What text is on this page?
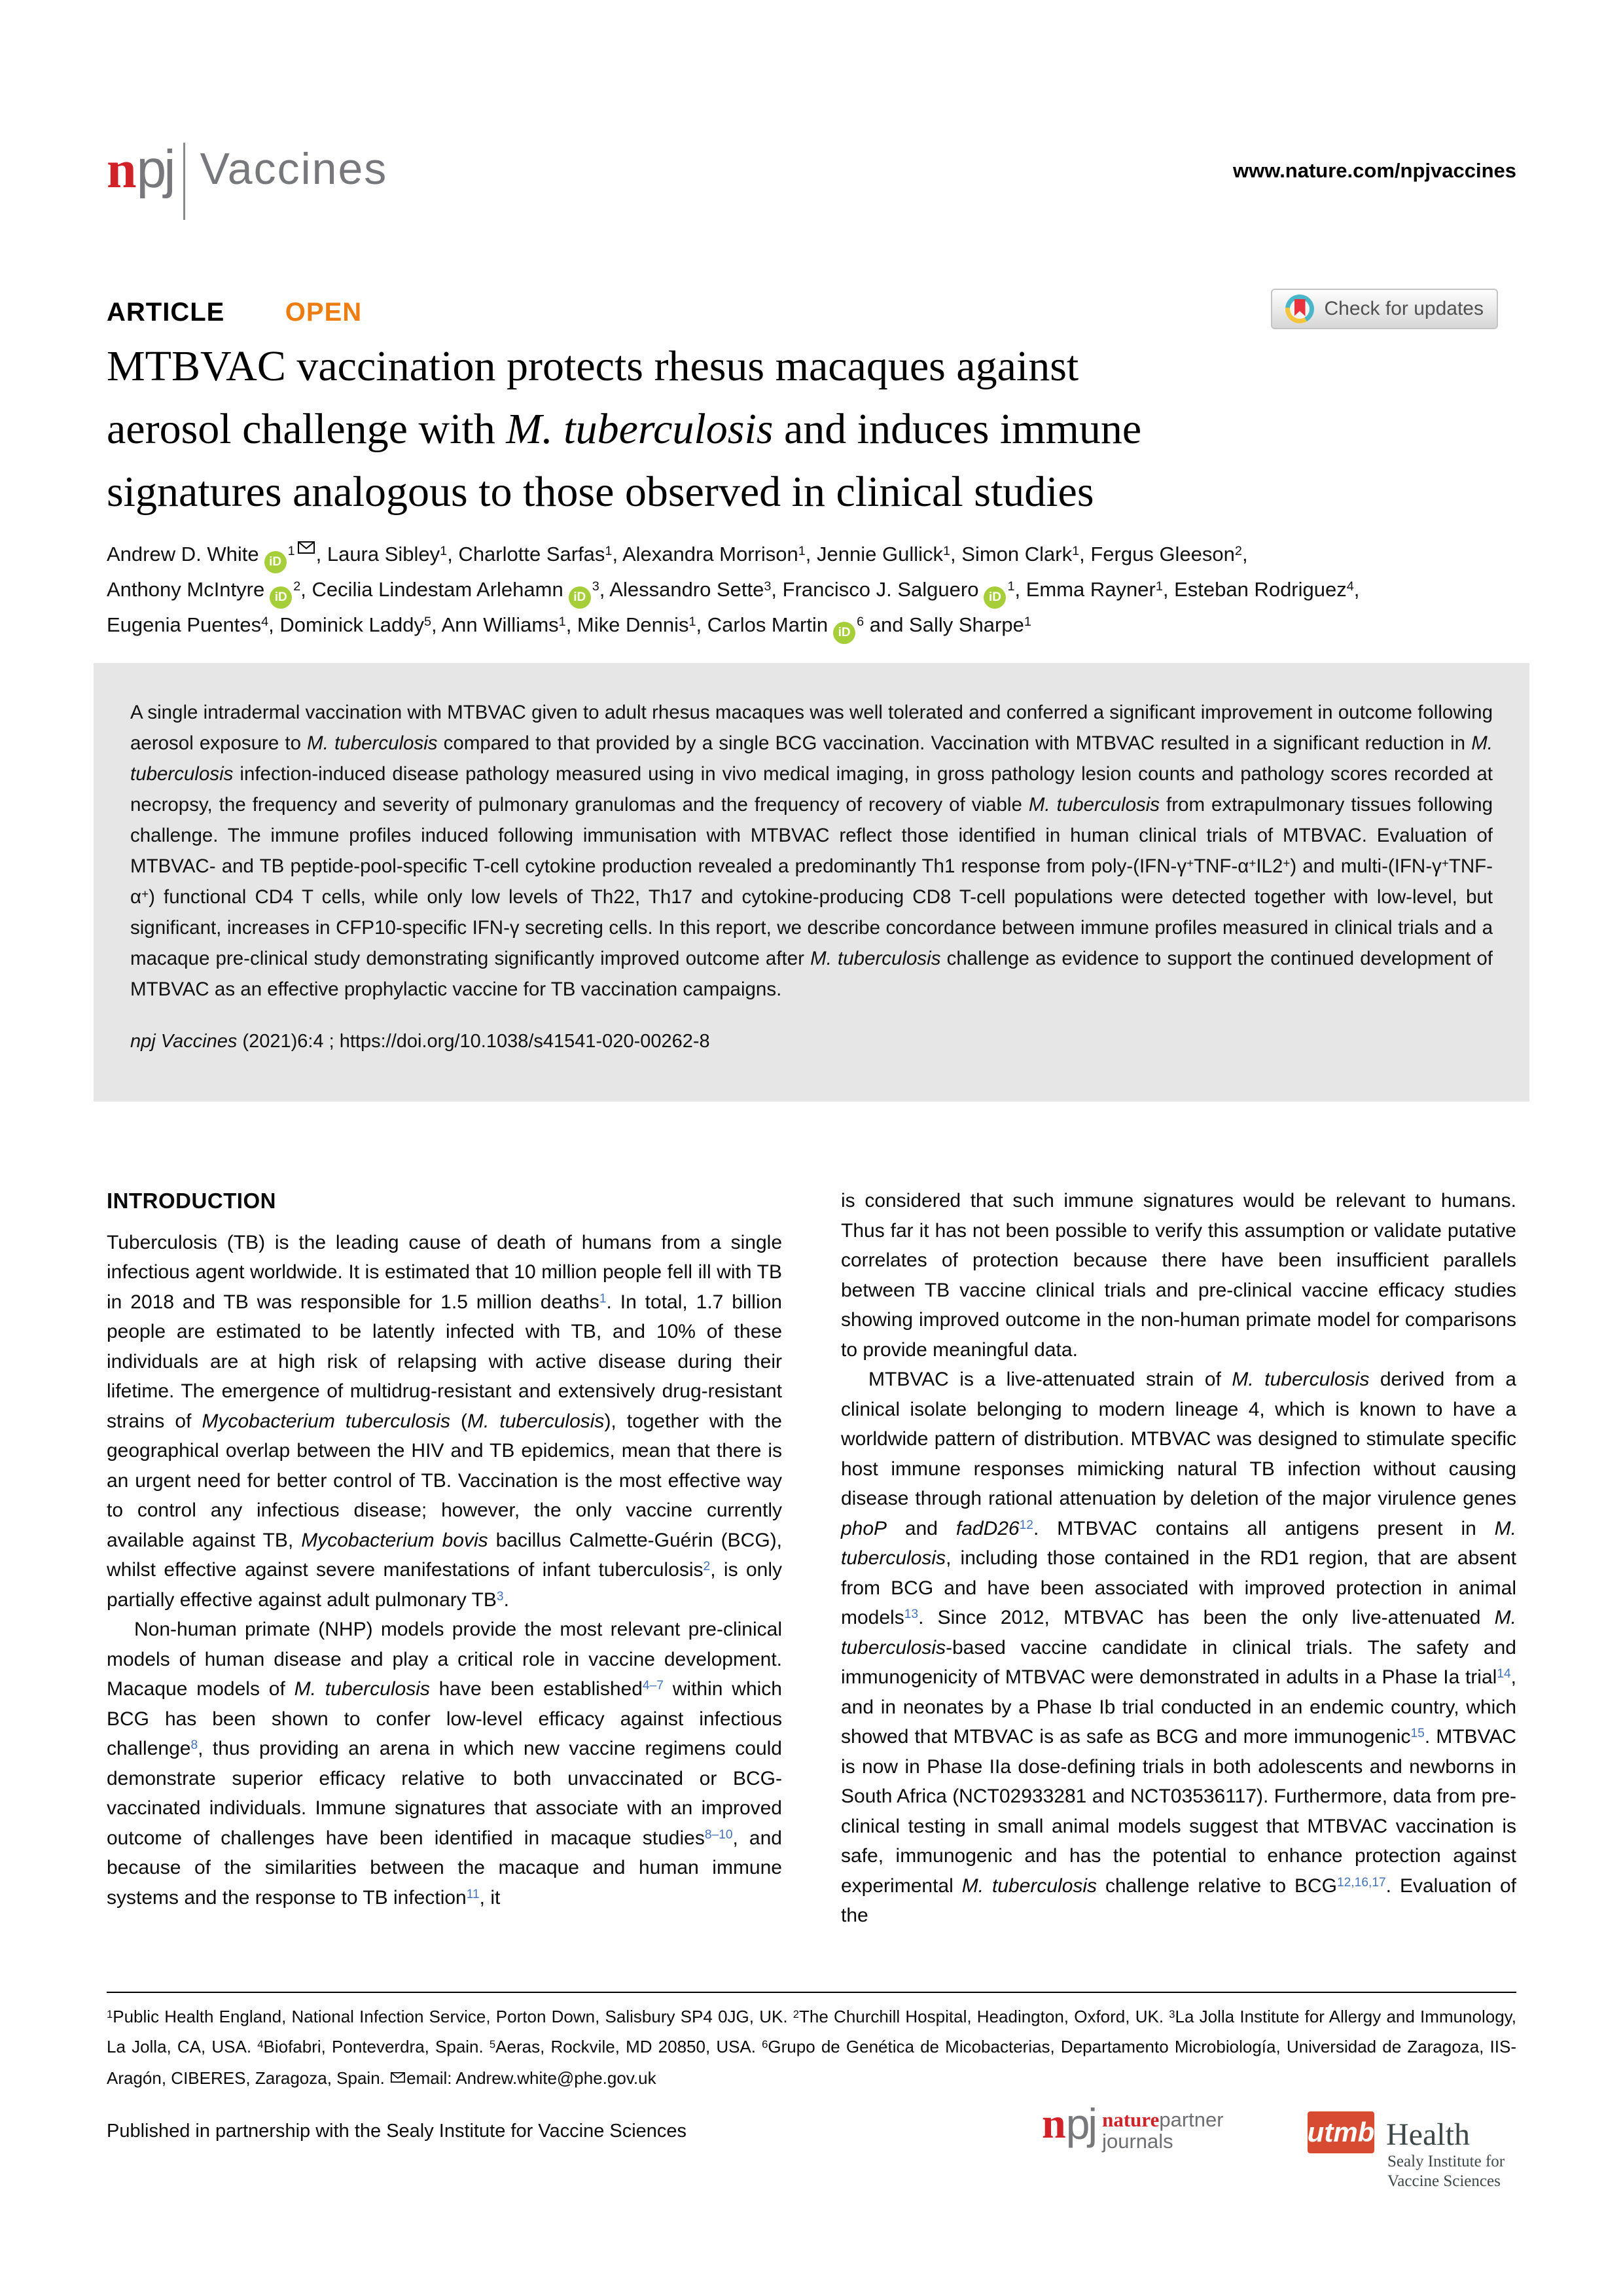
n pj Vaccines	www.nature.com/npjvaccines
ARTICLE OPEN	Check for updates
MTBVAC vaccination protects rhesus macaques against
aerosol challenge with M. tuberculosis and induces immune
signatures analogous to those observed in clinical studies
Andrew D. White $iD^1$ , Laura Sibley$^1$, Charlotte Sarfas$^1$, Alexandra Morrison$^1$, Jennie Gullick$^1$, Simon Clark$^1$, Fergus Gleeson$^2$,
Anthony McIntyre $iD^2$, Cecilia Lindestam Arlehamn $iD^3$, Alessandro Sette$^3$, Francisco J. Salguero $iD^1$, Emma Rayner$^1$, Esteban Rodriguez$^4$,
Eugenia Puentes$^4$, Dominick Laddy$^5$, Ann Williams$^1$, Mike Dennis$^1$, Carlos Martin $iD^6$ and Sally Sharpe$^1$
A single intradermal vaccination with MTBVAC given to adult rhesus macaques was well tolerated and conferred a significant improvement in outcome following aerosol exposure to M. tuberculosis compared to that provided by a single BCG vaccination. Vaccination with MTBVAC resulted in a significant reduction in M. tuberculosis infection-induced disease pathology measured using in vivo medical imaging, in gross pathology lesion counts and pathology scores recorded at necropsy, the frequency and severity of pulmonary granulomas and the frequency of recovery of viable M. tuberculosis from extrapulmonary tissues following challenge. The immune profiles induced following immunisation with MTBVAC reflect those identified in human clinical trials of MTBVAC. Evaluation of MTBVAC- and TB peptide-pool-specific T-cell cytokine production revealed a predominantly Th1 response from poly-(IFN-γ+TNF-α+IL2+) and multi-(IFN-γ+TNF-α+) functional CD4 T cells, while only low levels of Th22, Th17 and cytokine-producing CD8 T-cell populations were detected together with low-level, but significant, increases in CFP10-specific IFN-γ secreting cells. In this report, we describe concordance between immune profiles measured in clinical trials and a macaque pre-clinical study demonstrating significantly improved outcome after M. tuberculosis challenge as evidence to support the continued development of MTBVAC as an effective prophylactic vaccine for TB vaccination campaigns.
npj Vaccines (2021)6:4 ; https://doi.org/10.1038/s41541-020-00262-8
INTRODUCTION
Tuberculosis (TB) is the leading cause of death of humans from a single infectious agent worldwide. It is estimated that 10 million people fell ill with TB in 2018 and TB was responsible for 1.5 million deaths$^1$. In total, 1.7 billion people are estimated to be latently infected with TB, and 10% of these individuals are at high risk of relapsing with active disease during their lifetime. The emergence of multidrug-resistant and extensively drug-resistant strains of Mycobacterium tuberculosis (M. tuberculosis), together with the geographical overlap between the HIV and TB epidemics, mean that there is an urgent need for better control of TB. Vaccination is the most effective way to control any infectious disease; however, the only vaccine currently available against TB, Mycobacterium bovis bacillus Calmette-Guérin (BCG), whilst effective against severe manifestations of infant tuberculosis$^2$, is only partially effective against adult pulmonary TB$^3$.
Non-human primate (NHP) models provide the most relevant pre-clinical models of human disease and play a critical role in vaccine development. Macaque models of M. tuberculosis have been established$^{4-7}$ within which BCG has been shown to confer low-level efficacy against infectious challenge$^8$, thus providing an arena in which new vaccine regimens could demonstrate superior efficacy relative to both unvaccinated or BCG-vaccinated individuals. Immune signatures that associate with an improved outcome of challenges have been identified in macaque studies$^{8-10}$, and because of the similarities between the macaque and human immune systems and the response to TB infection$^{11}$, it
is considered that such immune signatures would be relevant to humans. Thus far it has not been possible to verify this assumption or validate putative correlates of protection because there have been insufficient parallels between TB vaccine clinical trials and pre-clinical vaccine efficacy studies showing improved outcome in the non-human primate model for comparisons to provide meaningful data.
MTBVAC is a live-attenuated strain of M. tuberculosis derived from a clinical isolate belonging to modern lineage 4, which is known to have a worldwide pattern of distribution. MTBVAC was designed to stimulate specific host immune responses mimicking natural TB infection without causing disease through rational attenuation by deletion of the major virulence genes phoP and fadD26$^{12}$. MTBVAC contains all antigens present in M. tuberculosis, including those contained in the RD1 region, that are absent from BCG and have been associated with improved protection in animal models$^{13}$. Since 2012, MTBVAC has been the only live-attenuated M. tuberculosis-based vaccine candidate in clinical trials. The safety and immunogenicity of MTBVAC were demonstrated in adults in a Phase Ia trial$^{14}$, and in neonates by a Phase Ib trial conducted in an endemic country, which showed that MTBVAC is as safe as BCG and more immunogenic$^{15}$. MTBVAC is now in Phase IIa dose-defining trials in both adolescents and newborns in South Africa (NCT02933281 and NCT03536117). Furthermore, data from pre-clinical testing in small animal models suggest that MTBVAC vaccination is safe, immunogenic and has the potential to enhance protection against experimental M. tuberculosis challenge relative to BCG$^{12,16,17}$. Evaluation of the
$^1$Public Health England, National Infection Service, Porton Down, Salisbury SP4 0JG, UK. $^2$The Churchill Hospital, Headington, Oxford, UK. $^3$La Jolla Institute for Allergy and Immunology, La Jolla, CA, USA. $^4$Biofabri, Ponteverdra, Spain. $^5$Aeras, Rockvile, MD 20850, USA. $^6$Grupo de Genética de Micobacterias, Departamento Microbiología, Universidad de Zaragoza, IIS-Aragón, CIBERES, Zaragoza, Spain. email: Andrew.white@phe.gov.uk
Published in partnership with the Sealy Institute for Vaccine Sciences	n pj naturepartner
journals	utmb Health
Sealy Institute for
Vaccine Sciences
